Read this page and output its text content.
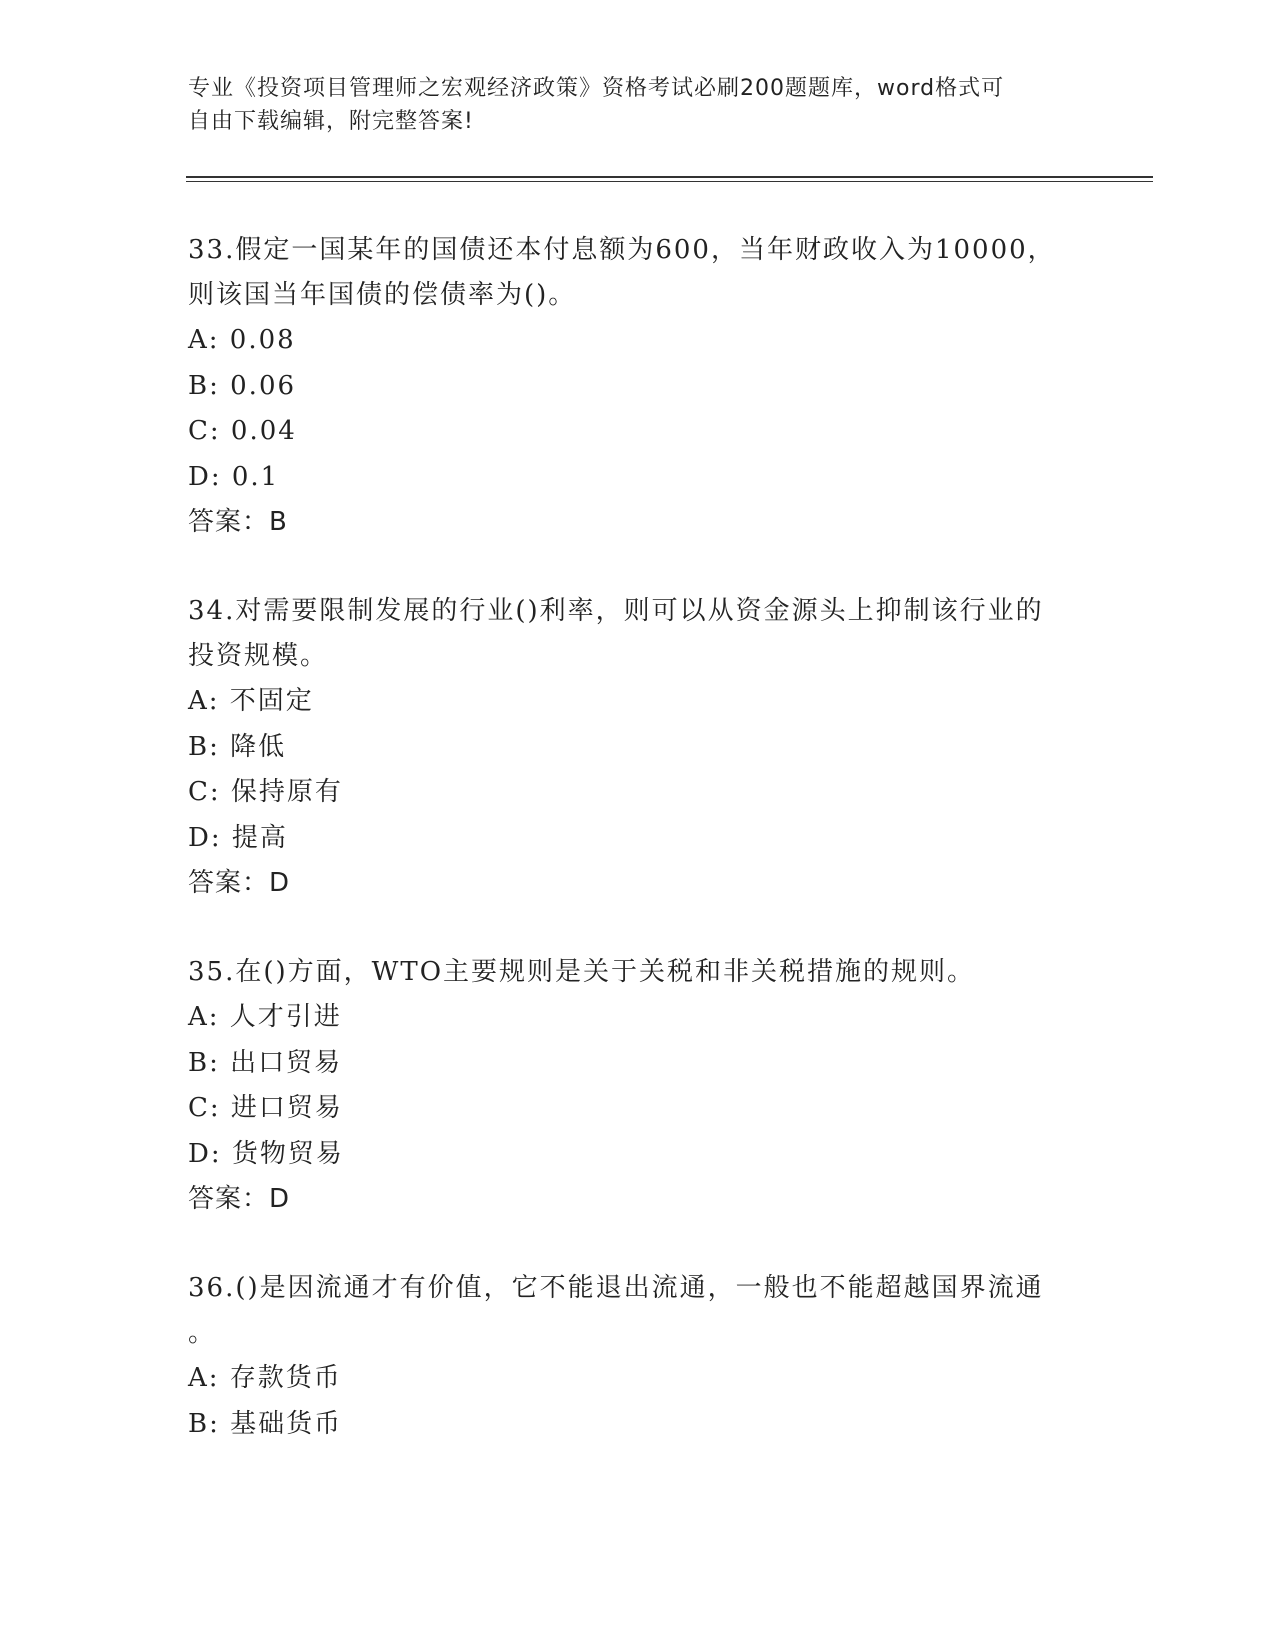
专业《投资项目管理师之宏观经济政策》资格考试必刷200题题库，word格式可
自由下载编辑，附完整答案!

33.假定一国某年的国债还本付息额为600，当年财政收入为10000，

则该国当年国债的偿债率为()。

A: 0.08

B: 0.06

C: 0.04

D: 0.1

答案：B

34.对需要限制发展的行业()利率，则可以从资金源头上抑制该行业的

投资规模。

A: 不固定

B: 降低

C: 保持原有

D: 提高

答案：D

35.在()方面，WTO主要规则是关于关税和非关税措施的规则。

A: 人才引进

B: 出口贸易

C: 进口贸易

D: 货物贸易

答案：D

36.()是因流通才有价值，它不能退出流通，一般也不能超越国界流通

。

A: 存款货币

B: 基础货币
